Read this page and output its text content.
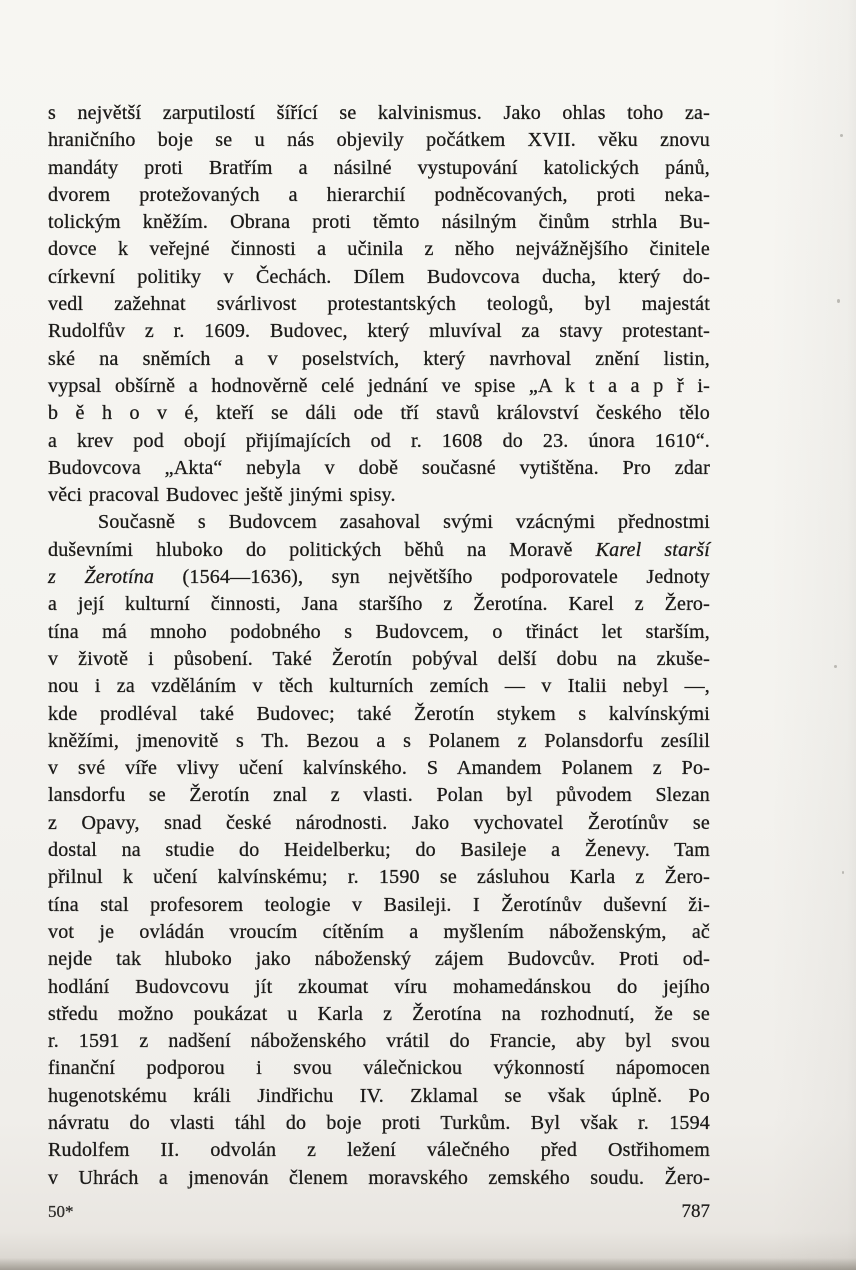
s největší zarputilostí šířící se kalvinismus. Jako ohlas toho za-
hraničního boje se u nás objevily počátkem XVII. věku znovu
mandáty proti Bratřím a násilné vystupování katolických pánů,
dvorem protežovaných a hierarchií podněcovaných, proti neka-
tolickým kněžím. Obrana proti těmto násilným činům strhla Bu-
dovce k veřejné činnosti a učinila z něho nejvážnějšího činitele
církevní politiky v Čechách. Dílem Budovcova ducha, který do-
vedl zažehnat svárlivost protestantských teologů, byl majestát
Rudolfův z r. 1609. Budovec, který mluvíval za stavy protestant-
ské na sněmích a v poselstvích, který navrhoval znění listin,
vypsal obšírně a hodnověrně celé jednání ve spise „A k t a a p ř i-
b ě h o v é, kteří se dáli ode tří stavů království českého tělo
a krev pod obojí přijímajících od r. 1608 do 23. února 1610“.
Budovcova „Akta“ nebyla v době současné vytištěna. Pro zdar
věci pracoval Budovec ještě jinými spisy.
Současně s Budovcem zasahoval svými vzácnými přednostmi
duševními hluboko do politických běhů na Moravě Karel starší
z Žerotína (1564—1636), syn největšího podporovatele Jednoty
a její kulturní činnosti, Jana staršího z Žerotína. Karel z Žero-
tína má mnoho podobného s Budovcem, o třináct let starším,
v životě i působení. Také Žerotín pobýval delší dobu na zkuše-
nou i za vzděláním v těch kulturních zemích — v Italii nebyl —,
kde prodléval také Budovec; také Žerotín stykem s kalvínskými
kněžími, jmenovitě s Th. Bezou a s Polanem z Polansdorfu zesílil
v své víře vlivy učení kalvínského. S Amandem Polanem z Po-
lansdorfu se Žerotín znal z vlasti. Polan byl původem Slezan
z Opavy, snad české národnosti. Jako vychovatel Žerotínův se
dostal na studie do Heidelberku; do Basileje a Ženevy. Tam
přilnul k učení kalvínskému; r. 1590 se zásluhou Karla z Žero-
tína stal profesorem teologie v Basileji. I Žerotínův duševní ži-
vot je ovládán vroucím cítěním a myšlením náboženským, ač
nejde tak hluboko jako náboženský zájem Budovcův. Proti od-
hodlání Budovcovu jít zkoumat víru mohamedánskou do jejího
středu možno poukázat u Karla z Žerotína na rozhodnutí, že se
r. 1591 z nadšení náboženského vrátil do Francie, aby byl svou
finanční podporou i svou válečnickou výkonností nápomocen
hugenotskému králi Jindřichu IV. Zklamal se však úplně. Po
návratu do vlasti táhl do boje proti Turkům. Byl však r. 1594
Rudolfem II. odvolán z ležení válečného před Ostřihomem
v Uhrách a jmenován členem moravského zemského soudu. Žero-
50*	787
